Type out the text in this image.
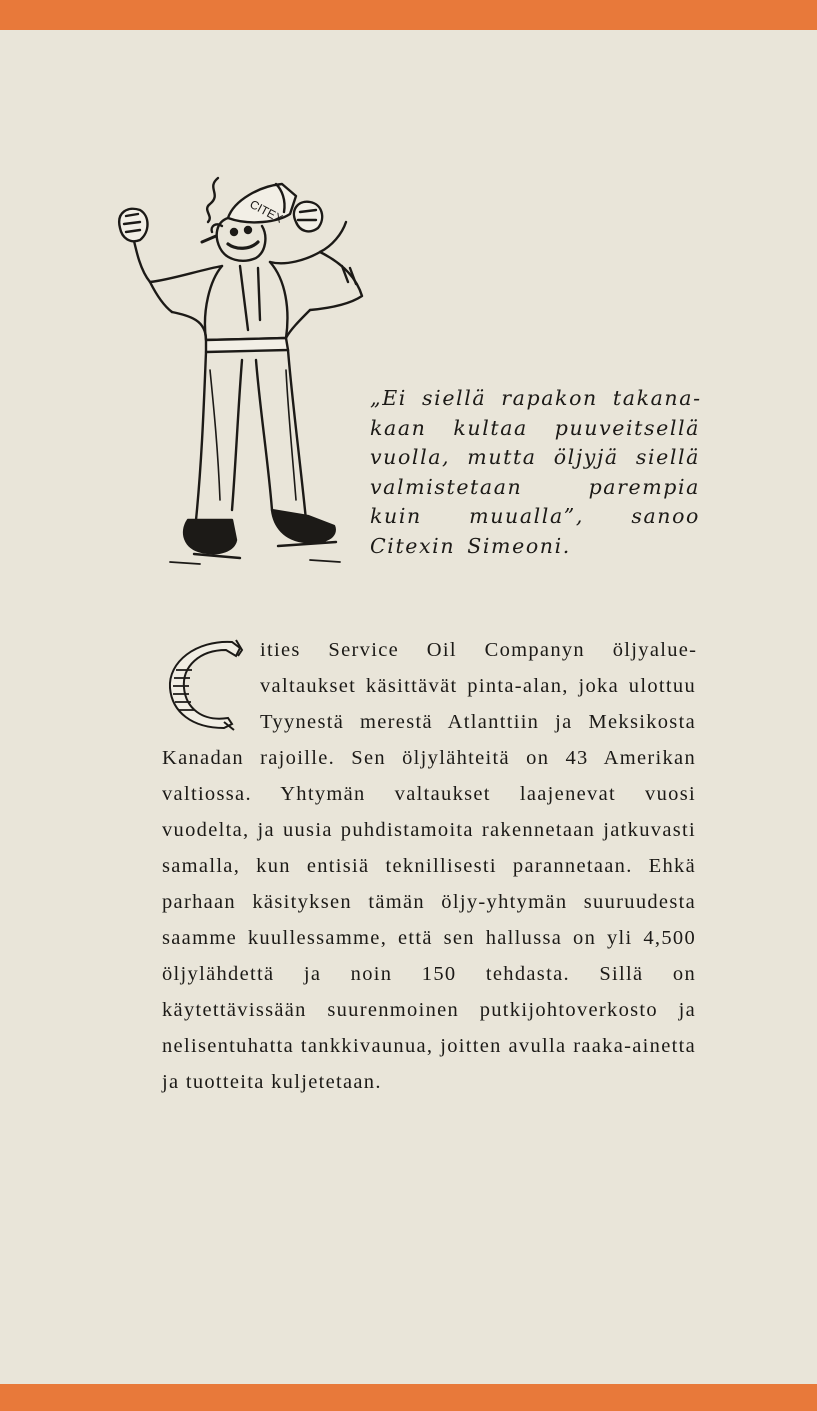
CITEX
„Ei siellä rapakon takanakaan kultaa puuveitsellä vuolla, mutta öljyjä siellä valmistetaan parempia kuin muualla”, sanoo Citexin Simeoni.
ities Service Oil Companyn öljyaluevaltaukset käsittävät pinta-alan, joka ulottuu Tyynestä merestä Atlanttiin ja Meksikosta Kanadan rajoille. Sen öljylähteitä on 43 Amerikan valtiossa. Yhtymän valtaukset laajenevat vuosi vuodelta, ja uusia puhdistamoita rakennetaan jatkuvasti samalla, kun entisiä teknillisesti parannetaan. Ehkä parhaan käsityksen tämän öljy-yhtymän suuruudesta saamme kuullessamme, että sen hallussa on yli 4,500 öljylähdettä ja noin 150 tehdasta. Sillä on käytettävissään suurenmoinen putkijohtoverkosto ja nelisentuhatta tankkivaunua, joitten avulla raaka-ainetta ja tuotteita kuljetetaan.
